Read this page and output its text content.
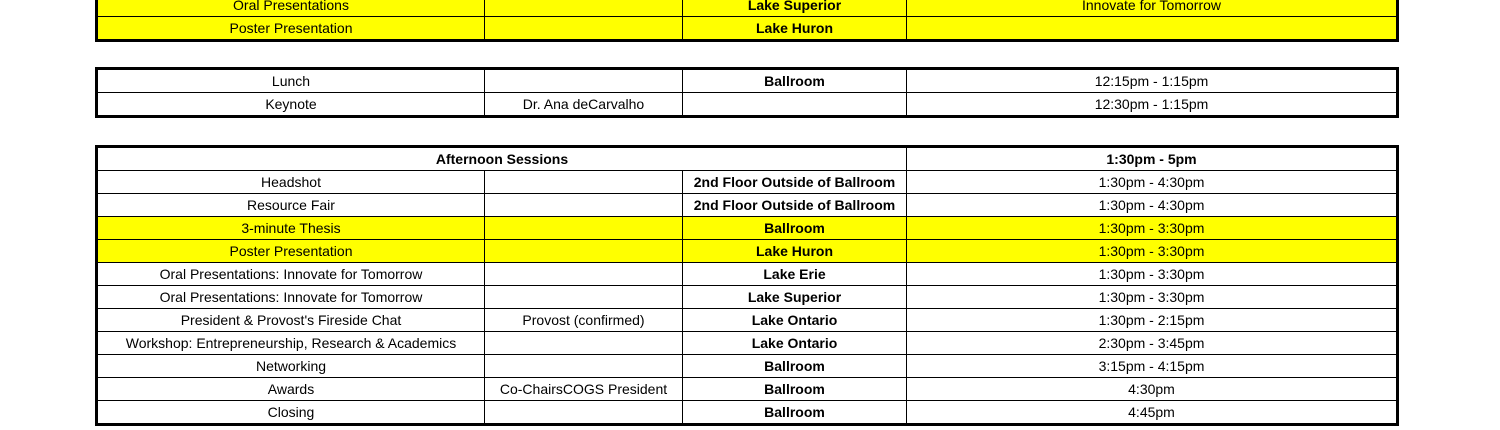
Oral Presentations		Lake Superior	Innovate for Tomorrow
Poster Presentation		Lake Huron	
Lunch		Ballroom	12:15pm - 1:15pm
Keynote	Dr. Ana deCarvalho		12:30pm - 1:15pm
Afternoon Sessions			1:30pm - 5pm
Headshot		2nd Floor Outside of Ballroom	1:30pm - 4:30pm
Resource Fair		2nd Floor Outside of Ballroom	1:30pm - 4:30pm
3-minute Thesis		Ballroom	1:30pm - 3:30pm
Poster Presentation		Lake Huron	1:30pm - 3:30pm
Oral Presentations: Innovate for Tomorrow		Lake Erie	1:30pm - 3:30pm
Oral Presentations: Innovate for Tomorrow		Lake Superior	1:30pm - 3:30pm
President & Provost's Fireside Chat	Provost (confirmed)	Lake Ontario	1:30pm - 2:15pm
Workshop: Entrepreneurship, Research & Academics		Lake Ontario	2:30pm - 3:45pm
Networking		Ballroom	3:15pm - 4:15pm
Awards	Co-ChairsCOGS President	Ballroom	4:30pm
Closing		Ballroom	4:45pm
